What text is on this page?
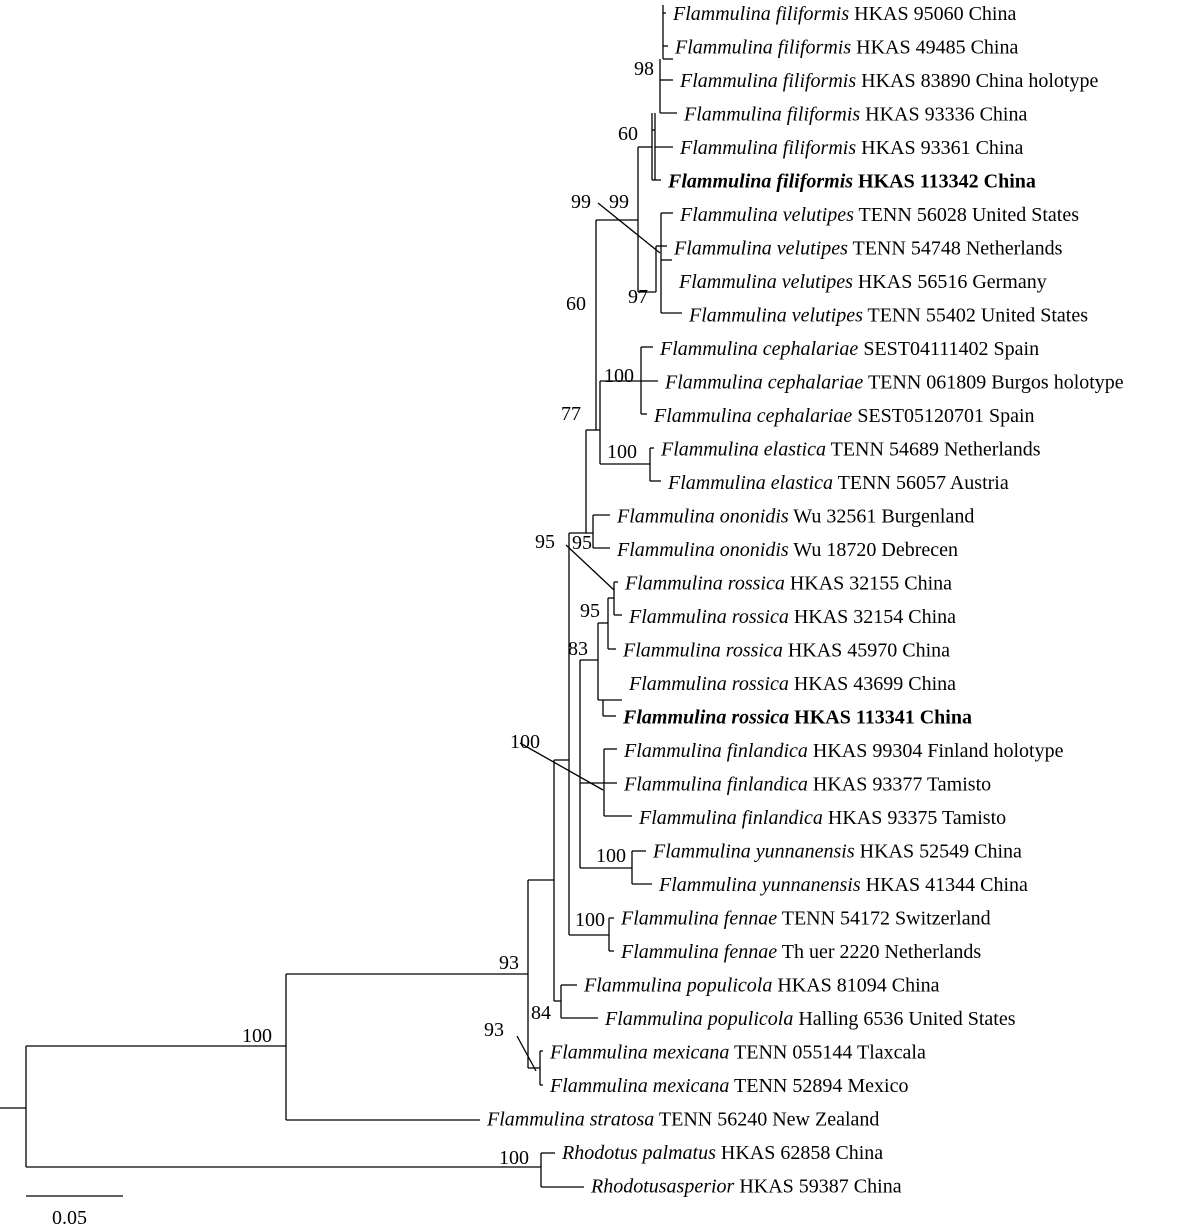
Flammulina filiformis HKAS 95060 China
Flammulina filiformis HKAS 49485 China
Flammulina filiformis HKAS 83890 China holotype
Flammulina filiformis HKAS 93336 China
Flammulina filiformis HKAS 93361 China
Flammulina filiformis HKAS 113342 China
Flammulina velutipes TENN 56028 United States
Flammulina velutipes TENN 54748 Netherlands
Flammulina velutipes HKAS 56516 Germany
Flammulina velutipes TENN 55402 United States
Flammulina cephalariae SEST04111402 Spain
Flammulina cephalariae TENN 061809 Burgos holotype
Flammulina cephalariae SEST05120701 Spain
Flammulina elastica TENN 54689 Netherlands
Flammulina elastica TENN 56057 Austria
Flammulina ononidis Wu 32561 Burgenland
Flammulina ononidis Wu 18720 Debrecen
Flammulina rossica HKAS 32155 China
Flammulina rossica HKAS 32154 China
Flammulina rossica HKAS 45970 China
Flammulina rossica HKAS 43699 China
Flammulina rossica HKAS 113341 China
Flammulina finlandica HKAS 99304 Finland holotype
Flammulina finlandica HKAS 93377 Tamisto
Flammulina finlandica HKAS 93375 Tamisto
Flammulina yunnanensis HKAS 52549 China
Flammulina yunnanensis HKAS 41344 China
Flammulina fennae TENN 54172 Switzerland
Flammulina fennae Th uer 2220 Netherlands
Flammulina populicola HKAS 81094 China
Flammulina populicola Halling 6536 United States
Flammulina mexicana TENN 055144 Tlaxcala
Flammulina mexicana TENN 52894 Mexico
Flammulina stratosa TENN 56240 New Zealand
Rhodotus palmatus HKAS 62858 China
Rhodotusasperior HKAS 59387 China
98
60
99 99
97
60
100
100
77
95 95
95
83
100
100
100
93
84
93
100
100
0.05
